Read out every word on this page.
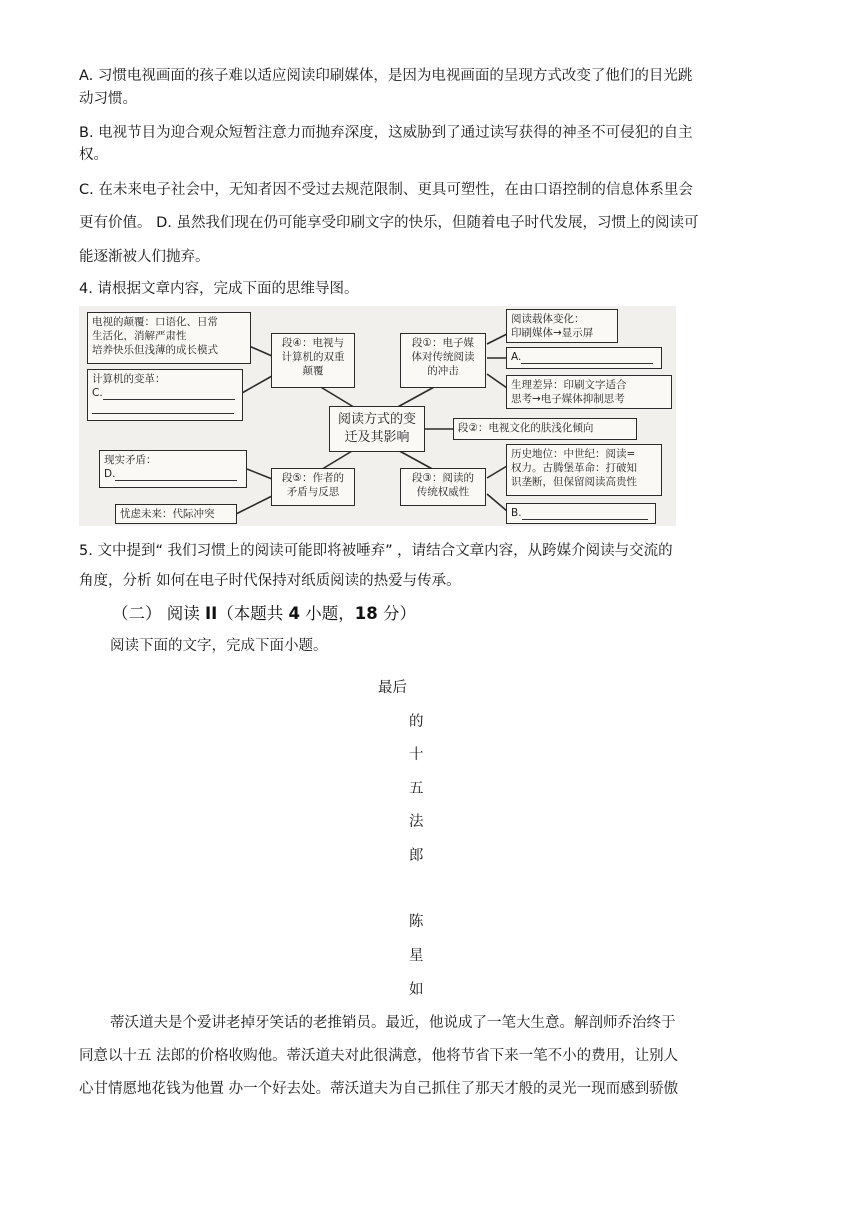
A. 习惯电视画面的孩子难以适应阅读印刷媒体，是因为电视画面的呈现方式改变了他们的目光跳
动习惯。
B. 电视节目为迎合观众短暂注意力而抛弃深度，这威胁到了通过读写获得的神圣不可侵犯的自主
权。
C. 在未来电子社会中，无知者因不受过去规范限制、更具可塑性，在由口语控制的信息体系里会
更有价值。 D. 虽然我们现在仍可能享受印刷文字的快乐，但随着电子时代发展，习惯上的阅读可
能逐渐被人们抛弃。
4. 请根据文章内容，完成下面的思维导图。
电视的颠覆：口语化、日常
生活化，消解严肃性
培养快乐但浅薄的成长模式
计算机的变革：
C.

段④：电视与
计算机的双重
颠覆
段①：电子媒
体对传统阅读
的冲击
阅读载体变化：
印刷媒体→显示屏
A.
生理差异：印刷文字适合
思考→电子媒体抑制思考
阅读方式的变
迁及其影响
段②：电视文化的肤浅化倾向
现实矛盾：
D.	段⑤：作者的
矛盾与反思
忧虑未来：代际冲突
段③：阅读的
传统权威性
历史地位：中世纪：阅读=
权力。古腾堡革命：打破知
识垄断，但保留阅读高贵性
B.
5. 文中提到“ 我们习惯上的阅读可能即将被唾弃” ，请结合文章内容，从跨媒介阅读与交流的
角度，分析 如何在电子时代保持对纸质阅读的热爱与传承。
（二） 阅读 II（本题共 4 小题，18 分）
阅读下面的文字，完成下面小题。
最后
的
十
五
法
郎
陈
星
如
蒂沃道夫是个爱讲老掉牙笑话的老推销员。最近，他说成了一笔大生意。解剖师乔治终于
同意以十五 法郎的价格收购他。蒂沃道夫对此很满意，他将节省下来一笔不小的费用，让别人
心甘情愿地花钱为他置 办一个好去处。蒂沃道夫为自己抓住了那天才般的灵光一现而感到骄傲
